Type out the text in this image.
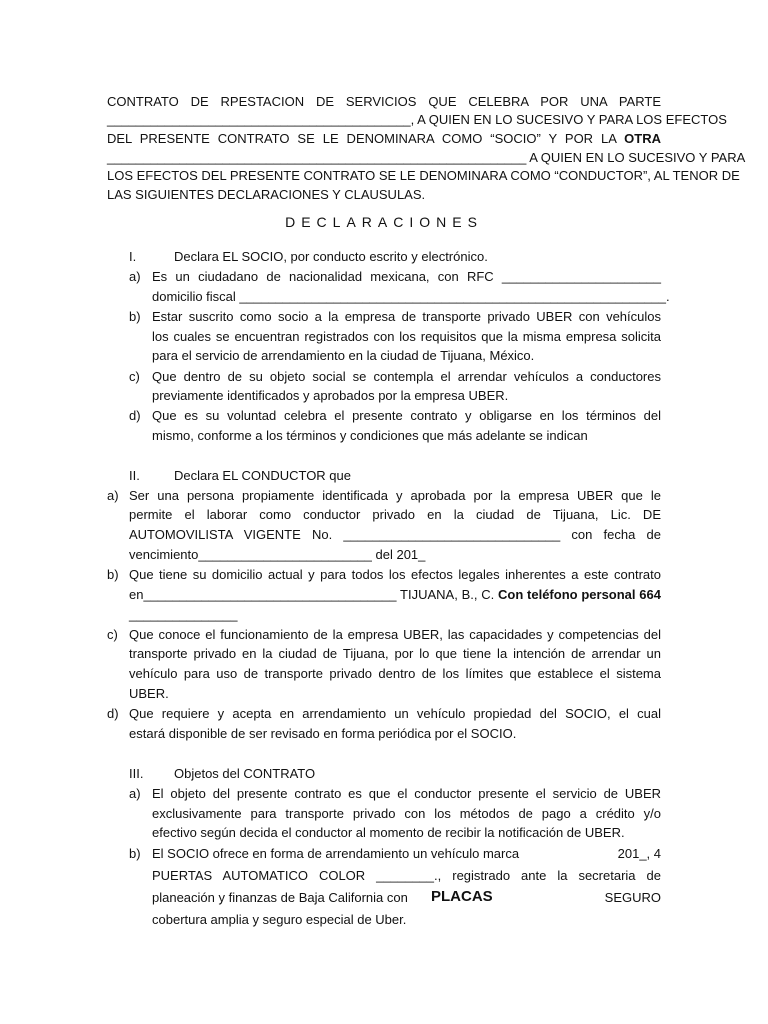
CONTRATO DE RPESTACION DE SERVICIOS QUE CELEBRA POR UNA PARTE
__________________________________________, A QUIEN EN LO SUCESIVO Y PARA LOS EFECTOS
DEL PRESENTE CONTRATO SE LE DENOMINARA COMO “SOCIO” Y POR LA OTRA
__________________________________________________________ A QUIEN EN LO SUCESIVO Y PARA
LOS EFECTOS DEL PRESENTE CONTRATO SE LE DENOMINARA COMO “CONDUCTOR”, AL TENOR DE
LAS SIGUIENTES DECLARACIONES Y CLAUSULAS.
DECLARACIONES
I.	Declara EL SOCIO, por conducto escrito y electrónico.
a) Es un ciudadano de nacionalidad mexicana, con RFC ______________________
domicilio fiscal ___________________________________________________________.
b) Estar suscrito como socio a la empresa de transporte privado UBER con vehículos
los cuales se encuentran registrados con los requisitos que la misma empresa solicita
para el servicio de arrendamiento en la ciudad de Tijuana, México.
c) Que dentro de su objeto social se contempla el arrendar vehículos a conductores
previamente identificados y aprobados por la empresa UBER.
d) Que es su voluntad celebra el presente contrato y obligarse en los términos del
mismo, conforme a los términos y condiciones que más adelante se indican
II.	Declara EL CONDUCTOR que
a) Ser una persona propiamente identificada y aprobada por la empresa UBER que le
permite el laborar como conductor privado en la ciudad de Tijuana, Lic. DE
AUTOMOVILISTA VIGENTE No. ______________________________ con fecha de
vencimiento________________________ del 201_
b) Que tiene su domicilio actual y para todos los efectos legales inherentes a este contrato
en___________________________________ TIJUANA, B., C. Con teléfono personal 664
_______________
c) Que conoce el funcionamiento de la empresa UBER, las capacidades y competencias del
transporte privado en la ciudad de Tijuana, por lo que tiene la intención de arrendar un
vehículo para uso de transporte privado dentro de los límites que establece el sistema
UBER.
d) Que requiere y acepta en arrendamiento un vehículo propiedad del SOCIO, el cual
estará disponible de ser revisado en forma periódica por el SOCIO.
III. Objetos del CONTRATO
a) El objeto del presente contrato es que el conductor presente el servicio de UBER
exclusivamente para transporte privado con los métodos de pago a crédito y/o
efectivo según decida el conductor al momento de recibir la notificación de UBER.
b) El SOCIO ofrece en forma de arrendamiento un vehículo marca	201_, 4
PUERTAS AUTOMATICO COLOR ________., registrado ante la secretaria de
planeación y finanzas de Baja California con PLACAS	SEGURO
cobertura amplia y seguro especial de Uber.
